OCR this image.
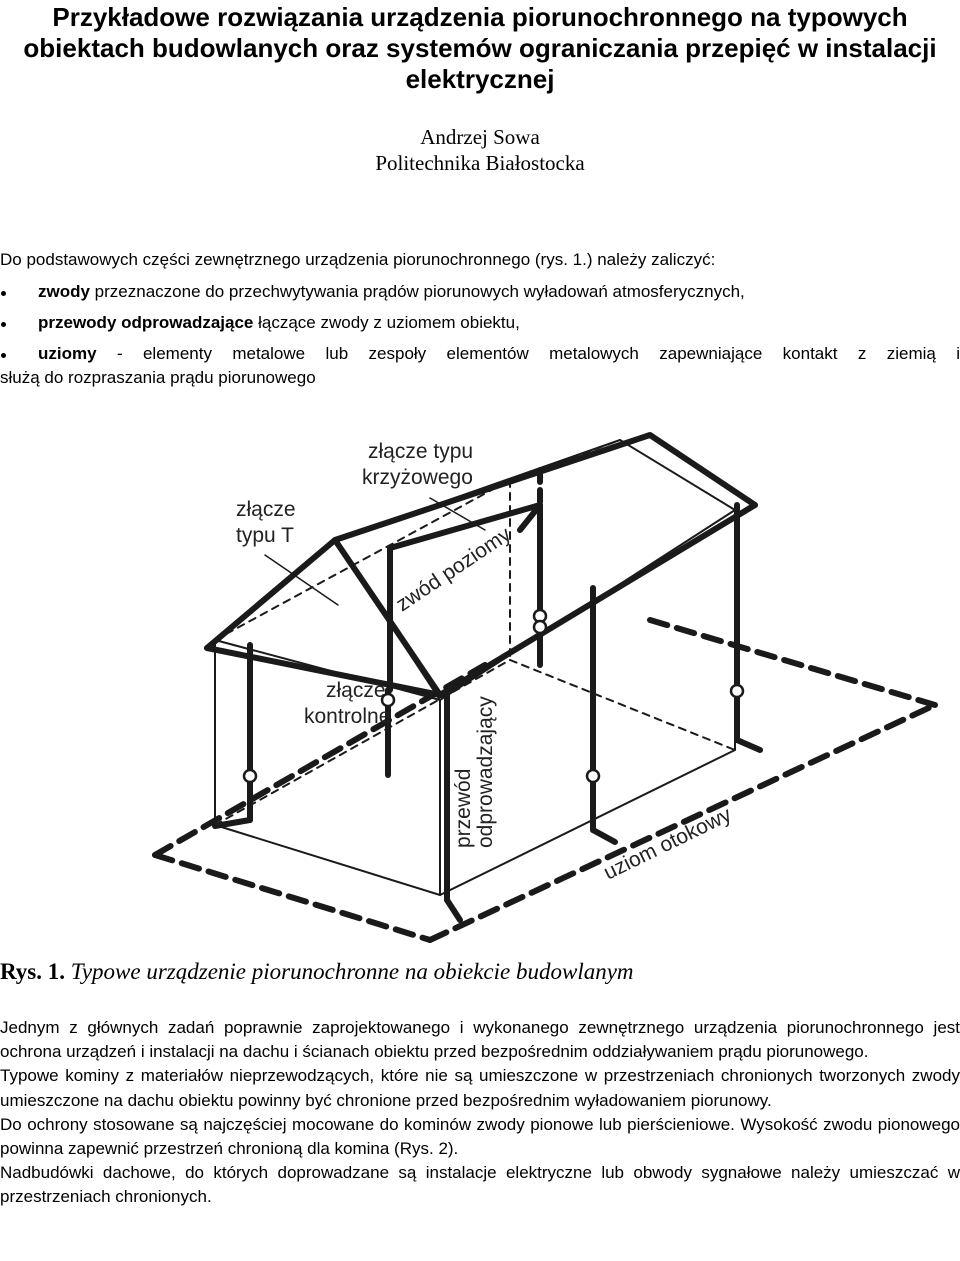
Przykładowe rozwiązania urządzenia piorunochronnego na typowych obiektach budowlanych oraz systemów ograniczania przepięć w instalacji elektrycznej
Andrzej Sowa
Politechnika Białostocka
Do podstawowych części zewnętrznego urządzenia piorunochronnego (rys. 1.) należy zaliczyć:
zwody przeznaczone do przechwytywania prądów piorunowych wyładowań atmosferycznych,
przewody odprowadzające łączące zwody z uziomem obiektu,
uziomy - elementy metalowe lub zespoły elementów metalowych zapewniające kontakt z ziemią i
służą do rozpraszania prądu piorunowego
złącze typu
krzyżowego
złącze
typu T	zwód poziomy
złącze
kontrolne
przewód odprowadzający	uziom otokowy
Rys. 1. Typowe urządzenie piorunochronne na obiekcie budowlanym

Jednym z głównych zadań poprawnie zaprojektowanego i wykonanego zewnętrznego urządzenia piorunochronnego jest ochrona urządzeń i instalacji na dachu i ścianach obiektu przed bezpośrednim oddziaływaniem prądu piorunowego.

Typowe kominy z materiałów nieprzewodzących, które nie są umieszczone w przestrzeniach chronionych tworzonych zwody umieszczone na dachu obiektu powinny być chronione przed bezpośrednim wyładowaniem piorunowy.

Do ochrony stosowane są najczęściej mocowane do kominów zwody pionowe lub pierścieniowe. Wysokość zwodu pionowego powinna zapewnić przestrzeń chronioną dla komina (Rys. 2).

Nadbudówki dachowe, do których doprowadzane są instalacje elektryczne lub obwody sygnałowe należy umieszczać w przestrzeniach chronionych.
